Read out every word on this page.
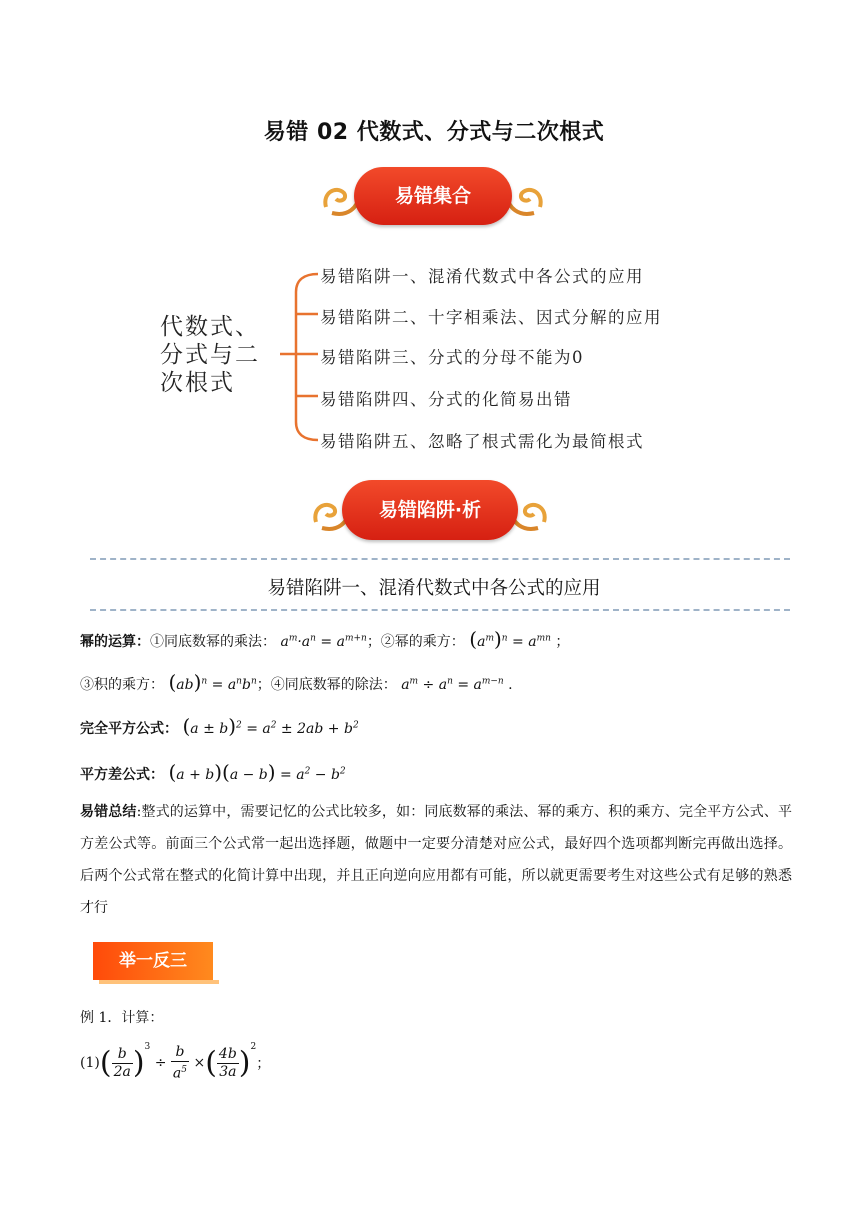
易错 02 代数式、分式与二次根式
易错集合
代数式、
分式与二
次根式
易错陷阱一、混淆代数式中各公式的应用
易错陷阱二、十字相乘法、因式分解的应用
易错陷阱三、分式的分母不能为0
易错陷阱四、分式的化简易出错
易错陷阱五、忽略了根式需化为最简根式
易错陷阱·析
易错陷阱一、混淆代数式中各公式的应用
幂的运算：①同底数幂的乘法： $a^m\cdot a^n = a^{m+n}$；②幂的乘方： $(a^m)^n = a^{mn}$ ；
③积的乘方： $(ab)^n = a^nb^n$；④同底数幂的除法： $a^m \div a^n = a^{m-n}$ .
完全平方公式： $(a \pm b)^2 = a^2 \pm 2ab + b^2$
平方差公式： $(a + b)(a - b) = a^2 - b^2$
易错总结:整式的运算中，需要记忆的公式比较多，如：同底数幂的乘法、幂的乘方、积的乘方、完全平方公式、平方差公式等。前面三个公式常一起出选择题，做题中一定要分清楚对应公式，最好四个选项都判断完再做出选择。后两个公式常在整式的化简计算中出现，并且正向逆向应用都有可能，所以就更需要考生对这些公式有足够的熟悉才行
举一反三
例 1．计算：
$(1)( \frac{b}{2a} )^3 \div \frac{b}{a^5}$ ×( $\frac{4b}{3a} )^2$；
